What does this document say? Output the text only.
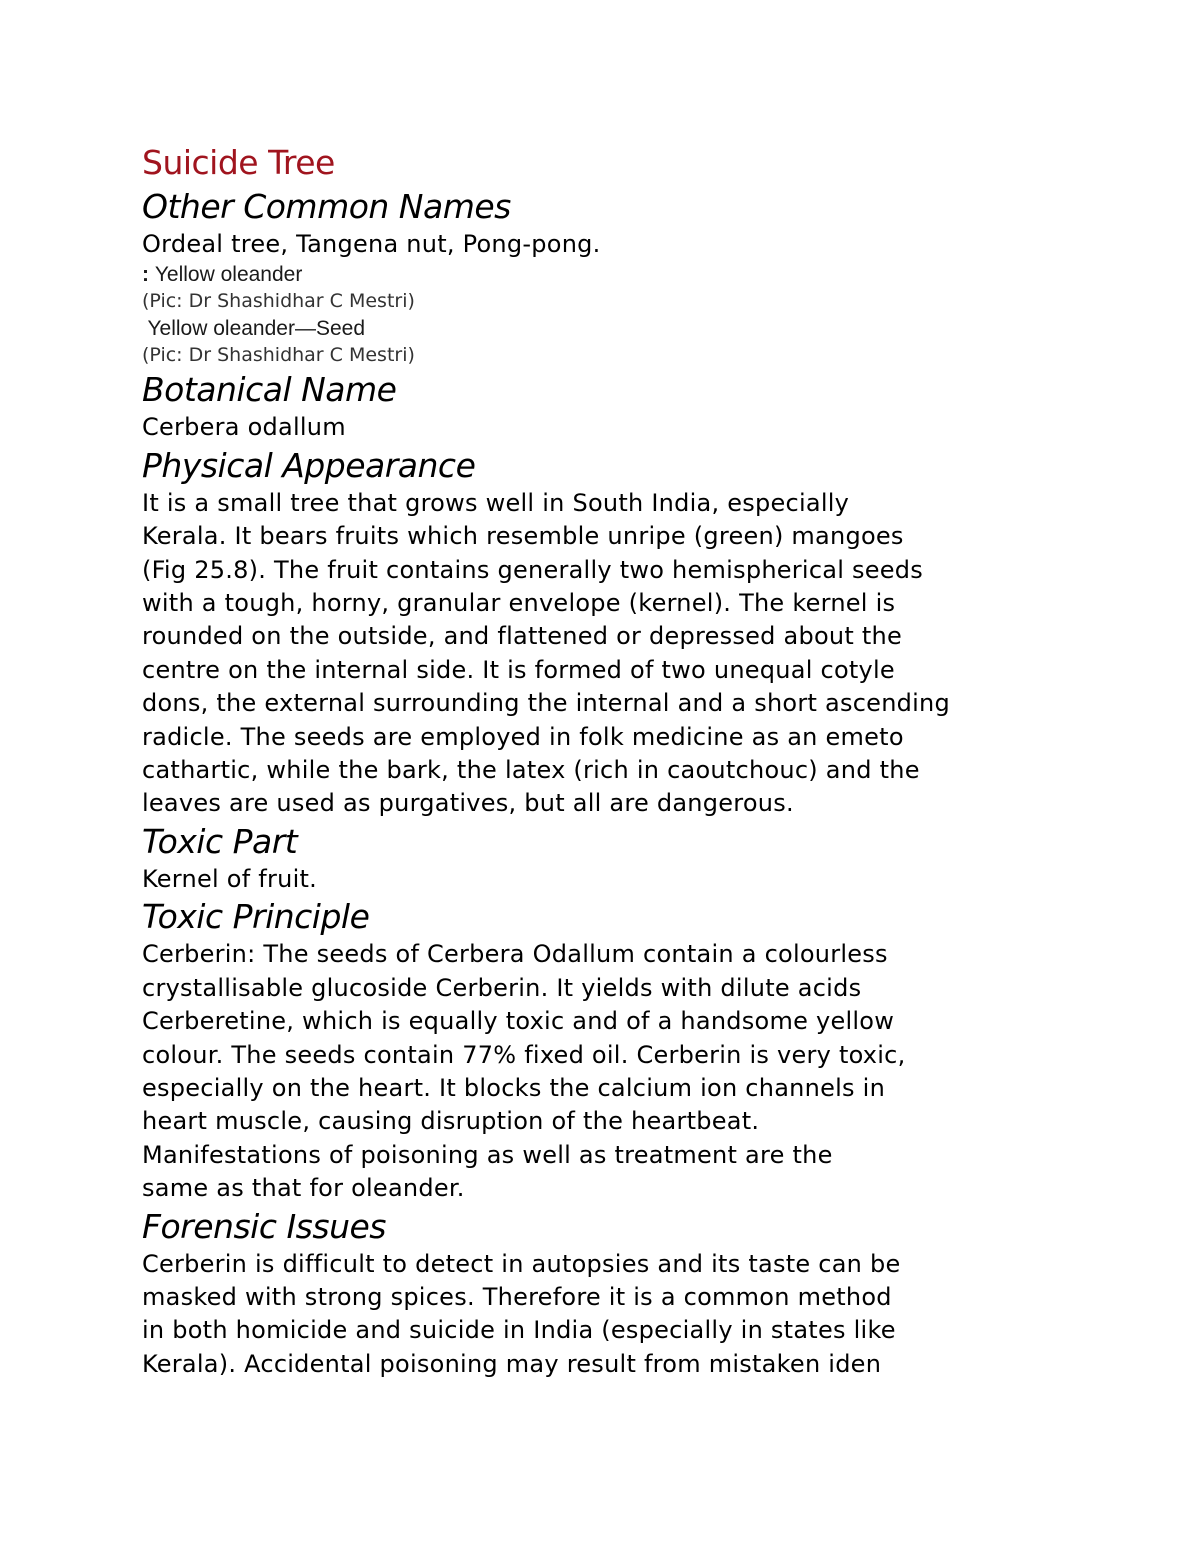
Suicide Tree
Other Common Names

Ordeal tree, Tangena nut, Pong-pong.

: Yellow oleander

(Pic: Dr Shashidhar C Mestri)

Yellow oleander—Seed

(Pic: Dr Shashidhar C Mestri)

Botanical Name

Cerbera odallum

Physical Appearance

It is a small tree that grows well in South India, especially
Kerala. It bears fruits which resemble unripe (green) mangoes
(Fig 25.8). The fruit contains generally two hemispherical seeds
with a tough, horny, granular envelope (kernel). The kernel is
rounded on the outside, and flattened or depressed about the
centre on the internal side. It is formed of two unequal cotyle
dons, the external surrounding the internal and a short ascending
radicle. The seeds are employed in folk medicine as an emeto
cathartic, while the bark, the latex (rich in caoutchouc) and the
leaves are used as purgatives, but all are dangerous.

Toxic Part

Kernel of fruit.

Toxic Principle

Cerberin: The seeds of Cerbera Odallum contain a colourless
crystallisable glucoside Cerberin. It yields with dilute acids
Cerberetine, which is equally toxic and of a handsome yellow
colour. The seeds contain 77% fixed oil. Cerberin is very toxic,
especially on the heart. It blocks the calcium ion channels in
heart muscle, causing disruption of the heartbeat.
Manifestations of poisoning as well as treatment are the
same as that for oleander.

Forensic Issues

Cerberin is difficult to detect in autopsies and its taste can be
masked with strong spices. Therefore it is a common method
in both homicide and suicide in India (especially in states like
Kerala). Accidental poisoning may result from mistaken iden
